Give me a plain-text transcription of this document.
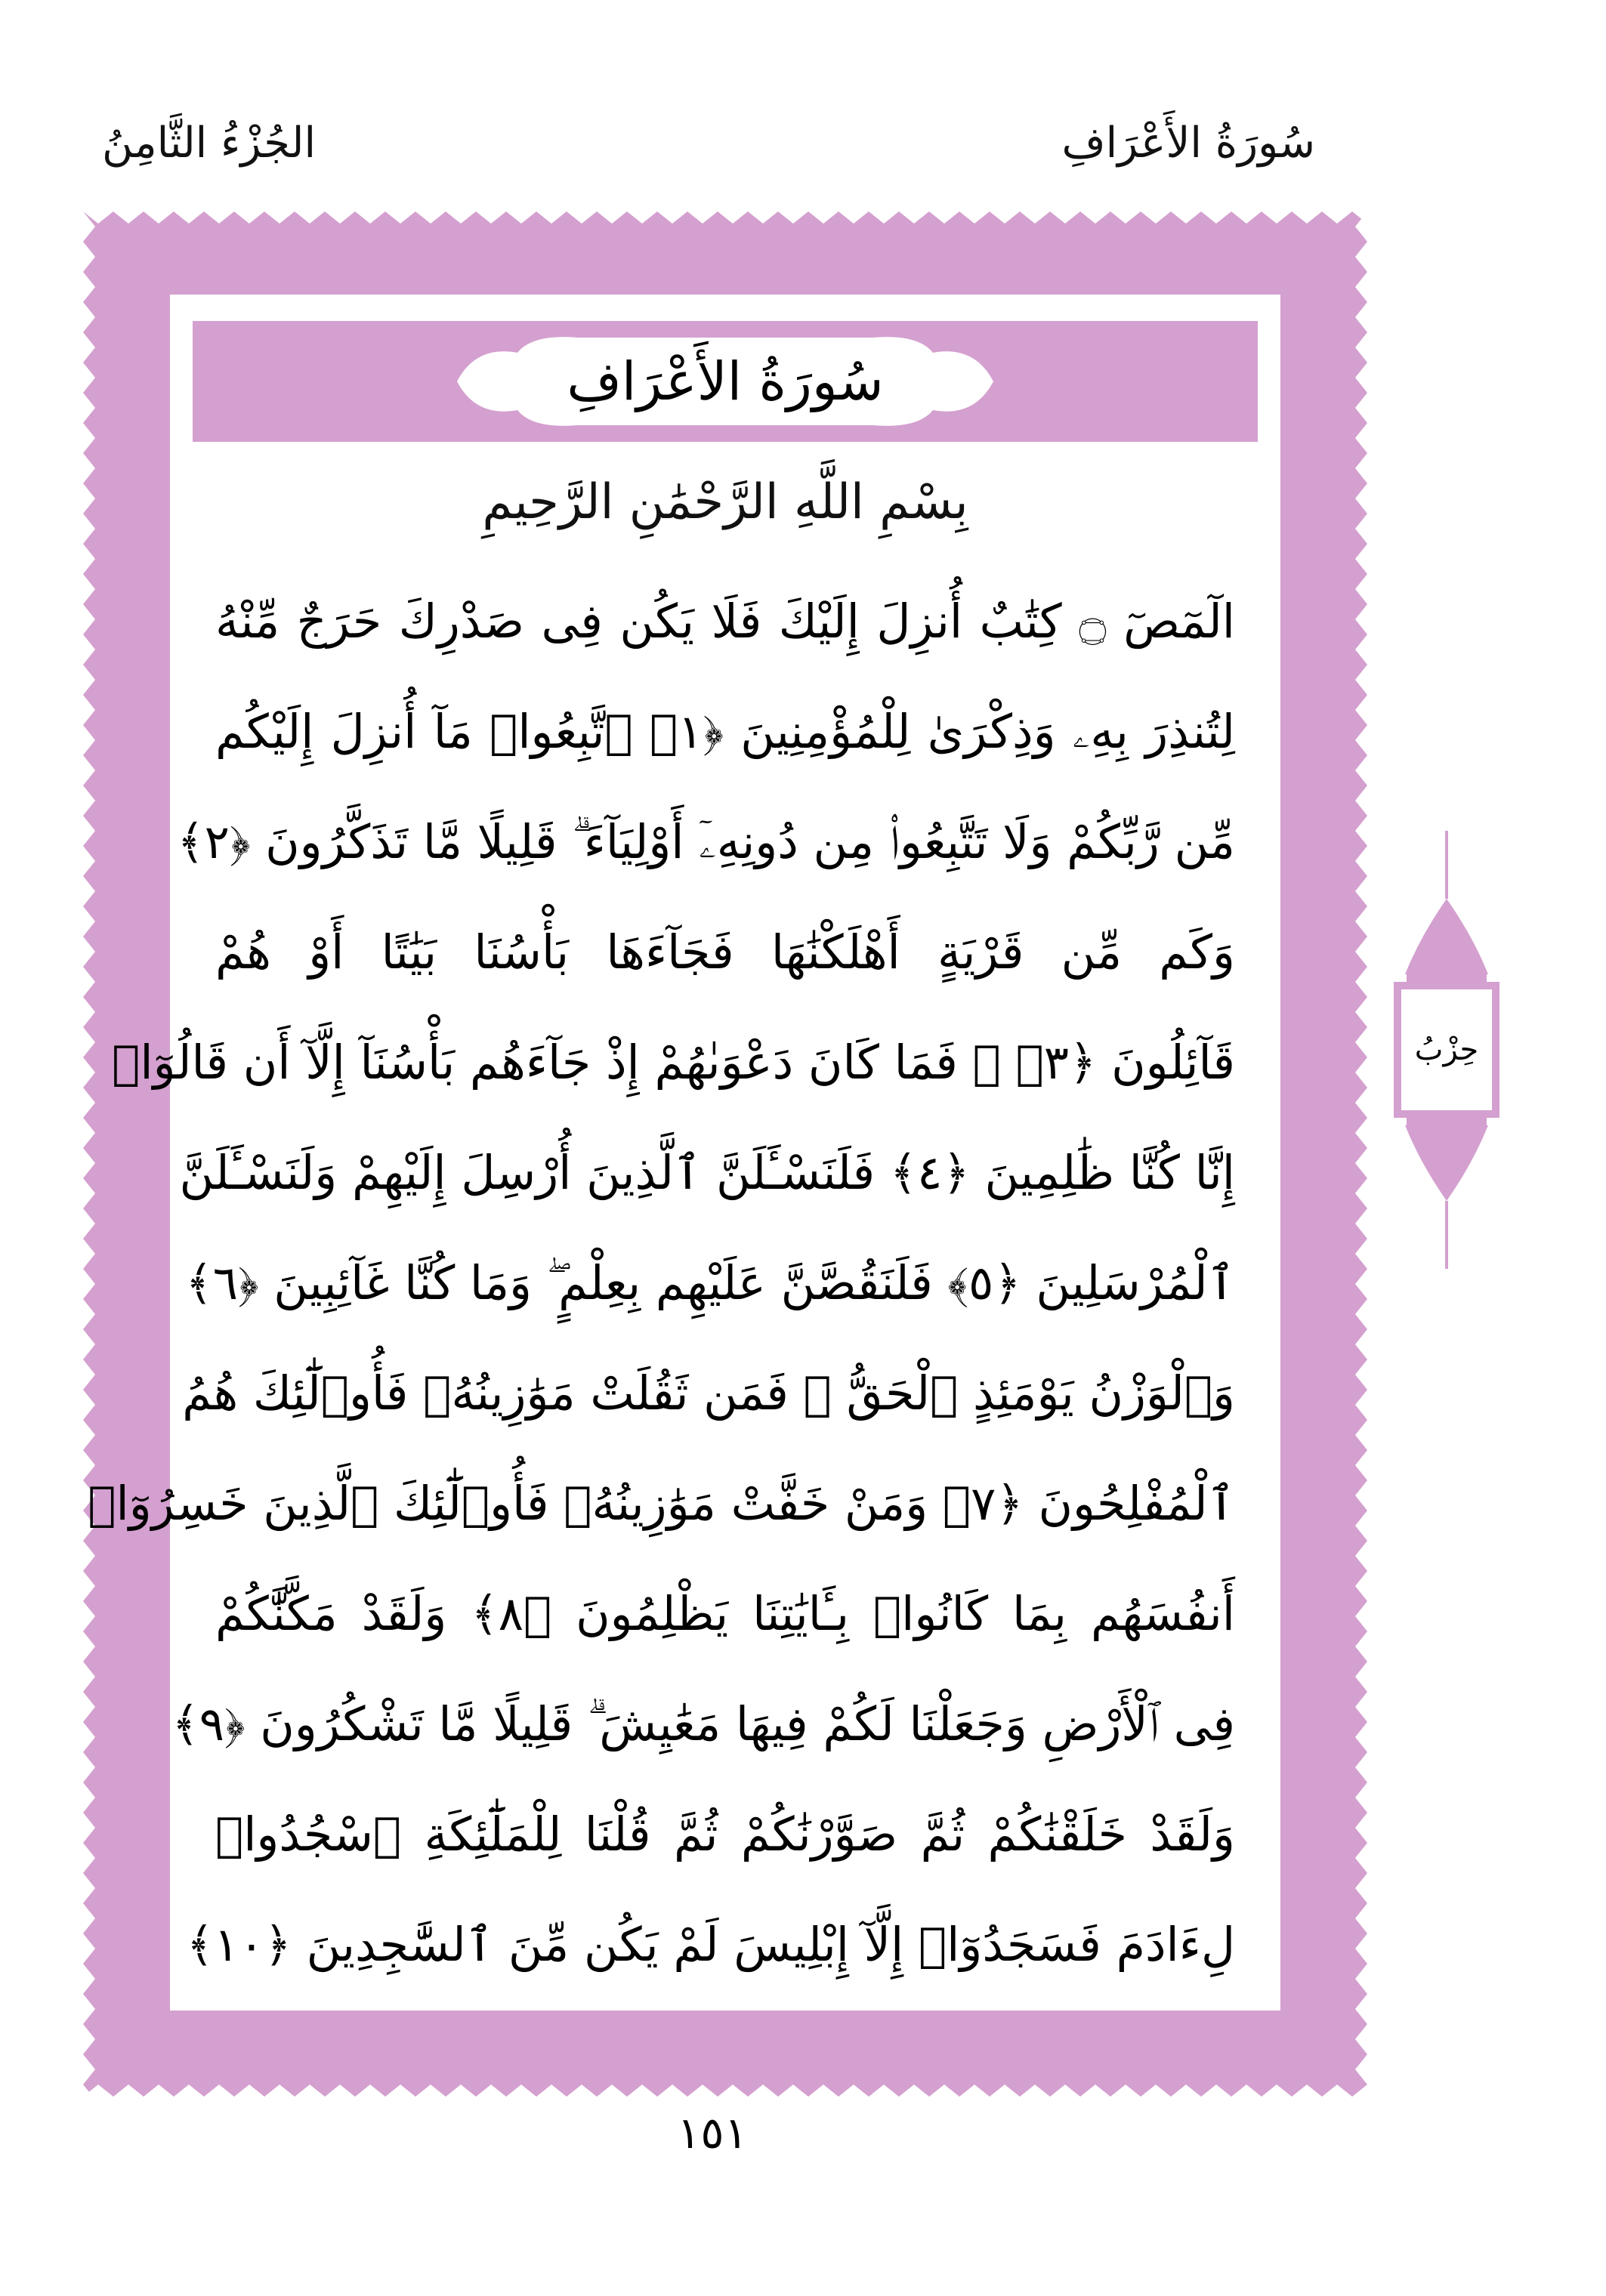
الجُزْءُ الثَّامِنُ	سُورَةُ الأَعْرَافِ
سُورَةُ الأَعْرَافِ
بِسْمِ اللَّهِ الرَّحْمَٰنِ الرَّحِيمِ
الٓمٓصٓ ۝ كِتَٰبٌ أُنزِلَ إِلَيْكَ فَلَا يَكُن فِى صَدْرِكَ حَرَجٌ مِّنْهُ
لِتُنذِرَ بِهِۦ وَذِكْرَىٰ لِلْمُؤْمِنِينَ ﴿١﴾ ٱتَّبِعُوا۟ مَآ أُنزِلَ إِلَيْكُم
مِّن رَّبِّكُمْ وَلَا تَتَّبِعُوا۟ مِن دُونِهِۦٓ أَوْلِيَآءَ ۗ قَلِيلًا مَّا تَذَكَّرُونَ ﴿٢﴾
وَكَم مِّن قَرْيَةٍ أَهْلَكْنَٰهَا فَجَآءَهَا بَأْسُنَا بَيَٰتًا أَوْ هُمْ
قَآئِلُونَ ﴿٣﴾ ۞ فَمَا كَانَ دَعْوَىٰهُمْ إِذْ جَآءَهُم بَأْسُنَآ إِلَّآ أَن قَالُوٓا۟
إِنَّا كُنَّا ظَٰلِمِينَ ﴿٤﴾ فَلَنَسْـَٔلَنَّ ٱلَّذِينَ أُرْسِلَ إِلَيْهِمْ وَلَنَسْـَٔلَنَّ
ٱلْمُرْسَلِينَ ﴿٥﴾ فَلَنَقُصَّنَّ عَلَيْهِم بِعِلْمٍ ۖ وَمَا كُنَّا غَآئِبِينَ ﴿٦﴾
وَٱلْوَزْنُ يَوْمَئِذٍ ٱلْحَقُّ ۚ فَمَن ثَقُلَتْ مَوَٰزِينُهُۥ فَأُو۟لَٰٓئِكَ هُمُ
ٱلْمُفْلِحُونَ ﴿٧﴾ وَمَنْ خَفَّتْ مَوَٰزِينُهُۥ فَأُو۟لَٰٓئِكَ ٱلَّذِينَ خَسِرُوٓا۟
أَنفُسَهُم بِمَا كَانُوا۟ بِـَٔايَٰتِنَا يَظْلِمُونَ ﴿٨﴾ وَلَقَدْ مَكَّنَّٰكُمْ
فِى ٱلْأَرْضِ وَجَعَلْنَا لَكُمْ فِيهَا مَعَٰيِشَ ۗ قَلِيلًا مَّا تَشْكُرُونَ ﴿٩﴾
وَلَقَدْ خَلَقْنَٰكُمْ ثُمَّ صَوَّرْنَٰكُمْ ثُمَّ قُلْنَا لِلْمَلَٰٓئِكَةِ ٱسْجُدُوا۟
لِءَادَمَ فَسَجَدُوٓا۟ إِلَّآ إِبْلِيسَ لَمْ يَكُن مِّنَ ٱلسَّٰجِدِينَ ﴿١٠﴾
حِزْبُ
١٥١
